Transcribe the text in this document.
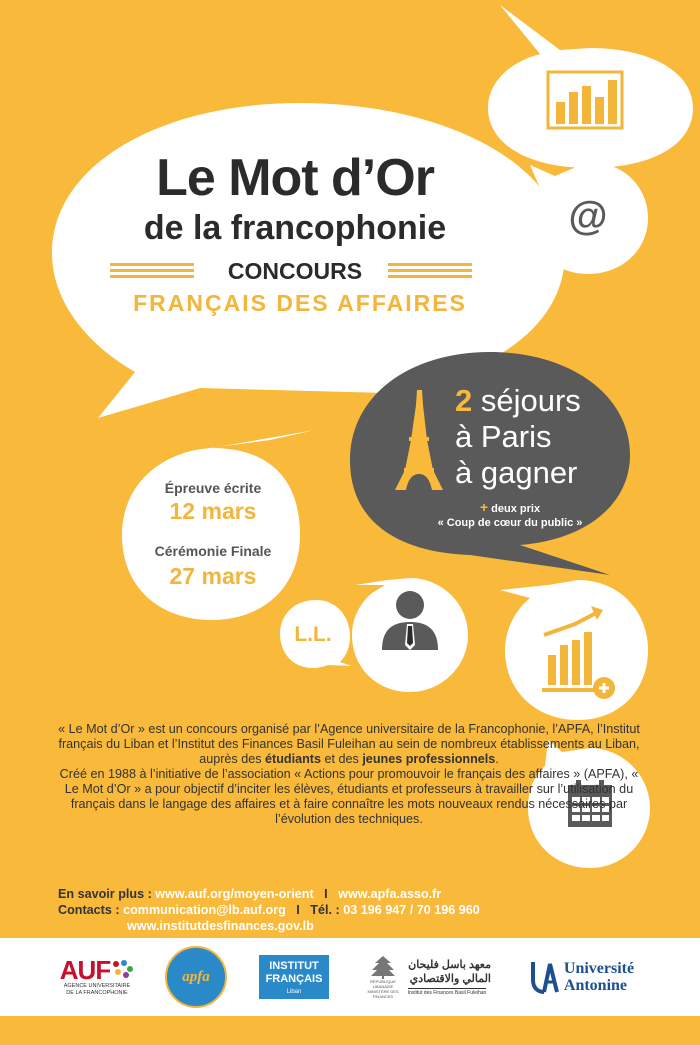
@
Le Mot d’Or
de la francophonie
CONCOURS
FRANÇAIS DES AFFAIRES
2 séjours
à Paris
à gagner
+ deux prix
« Coup de cœur du public »
Épreuve écrite
12 mars
Cérémonie Finale
27 mars
L.L.
« Le Mot d’Or » est un concours organisé par l’Agence universitaire de la Francophonie, l’APFA, l’Institut français du Liban et l’Institut des Finances Basil Fuleihan au sein de nombreux établissements au Liban, auprès des étudiants et des jeunes professionnels.
Créé en 1988 à l’initiative de l’association « Actions pour promouvoir le français des affaires » (APFA), « Le Mot d’Or » a pour objectif d’inciter les élèves, étudiants et professeurs à travailler sur l’utilisation du français dans le langage des affaires et à faire connaître les mots nouveaux rendus nécessaires par l’évolution des techniques.
En savoir plus : www.auf.org/moyen-orient   I   www.apfa.asso.fr
Contacts : communication@lb.auf.org   I   Tél. : 03 196 947 / 70 196 960
www.institutdesfinances.gov.lb
AUF
AGENCE UNIVERSITAIRE
DE LA FRANCOPHONIE
apfa
INSTITUT
FRANÇAIS
Liban
RÉPUBLIQUE LIBANAISE
MINISTÈRE DES FINANCES
معهد باسل فليحان المالي والاقتصادي
Institut des Finances Basil Fuleihan
Université
Antonine
